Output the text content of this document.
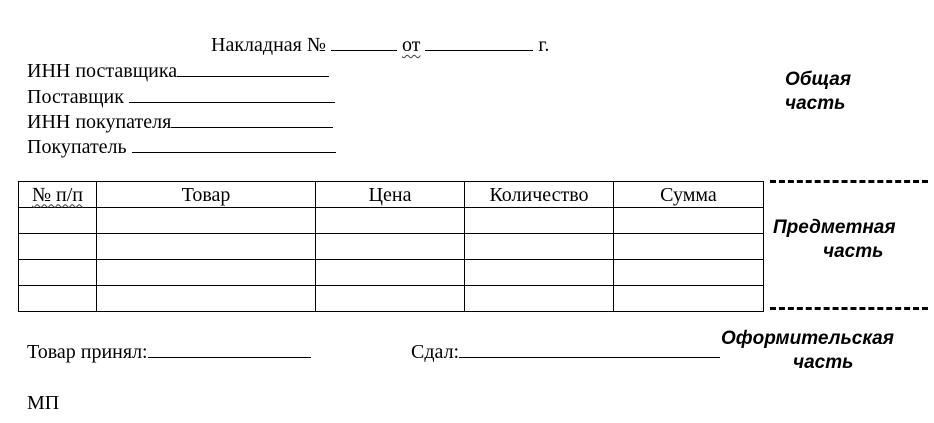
Накладная №	от	г.
ИНН поставщика
Поставщик
ИНН покупателя
Покупатель
Общая
часть
№ п/п	Товар	Цена	Количество	Сумма

Предметная
часть
Товар принял:	Сдал:
МП
Оформительская
часть
